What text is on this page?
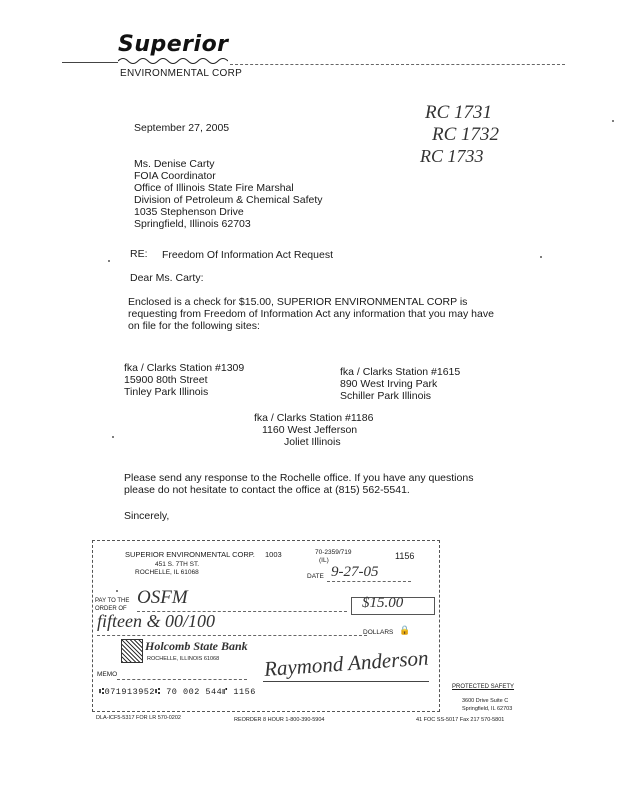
Superior
ENVIRONMENTAL CORP
RC 1731
RC 1732
RC 1733
September 27, 2005
Ms. Denise Carty
FOIA Coordinator
Office of Illinois State Fire Marshal
Division of Petroleum & Chemical Safety
1035 Stephenson Drive
Springfield, Illinois 62703
RE: Freedom Of Information Act Request
Dear Ms. Carty:
Enclosed is a check for $15.00, SUPERIOR ENVIRONMENTAL CORP is
requesting from Freedom of Information Act any information that you may have
on file for the following sites:
fka / Clarks Station #1309
15900 80th Street
Tinley Park Illinois
fka / Clarks Station #1615
890 West Irving Park
Schiller Park Illinois
fka / Clarks Station #1186
1160 West Jefferson
Joliet Illinois
Please send any response to the Rochelle office. If you have any questions
please do not hesitate to contact the office at (815) 562-5541.
Sincerely,
SUPERIOR ENVIRONMENTAL CORP. 1003
451 S. 7TH ST.
ROCHELLE, IL 61068
70-2359/719
(IL)	1156
DATE 9-27-05
PAY TO THE ORDER OF
OSFM	$15.00
fifteen & 00/100
DOLLARS 🔒
Holcomb State Bank
ROCHELLE, ILLINOIS 61068
MEMO	Raymond Anderson
⑆071913952⑆ 70 002 544⑈ 1156	PROTECTED SAFETY
3600 Drive Suite C
Springfield, IL 62703
DLA-ICF5-5317 FOR LR 570-0202	REORDER 8 HOUR 1-800-390-5904	41 FOC SS-5017 Fax 217 570-5801
